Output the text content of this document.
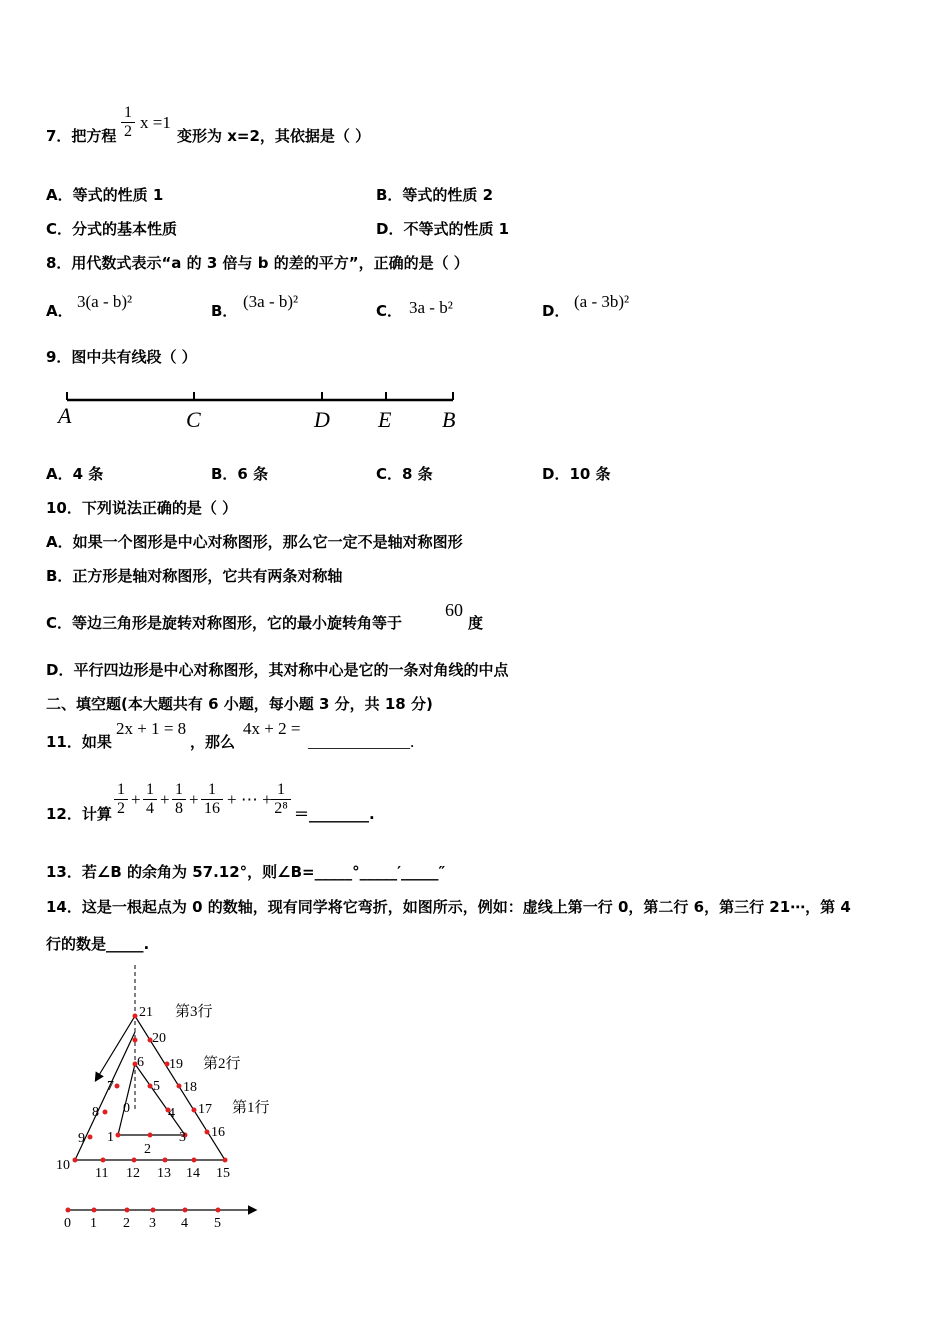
7．把方程 $\frac{1}{2}$ x =1
变形为 x=2，其依据是（ ）
A．等式的性质 1	B．等式的性质 2
C．分式的基本性质	D．不等式的性质 1
8．用代数式表示“a 的 3 倍与 b 的差的平方”，正确的是（ ）
A． 3(a - b)²	B． (3a - b)²	C． 3a - b²	D． (a - 3b)²
9．图中共有线段（ ）
A	C	D E B
A．4 条	B．6 条	C．8 条	D．10 条
10．下列说法正确的是（ ）
A．如果一个图形是中心对称图形，那么它一定不是轴对称图形
B．正方形是轴对称图形，它共有两条对称轴
C．等边三角形是旋转对称图形，它的最小旋转角等于
60
度
D．平行四边形是中心对称图形，其对称中心是它的一条对角线的中点
二、填空题(本大题共有 6 小题，每小题 3 分，共 18 分)
11．如果
2x + 1 = 8
，那么
4x + 2 =
____________.
12．计算 $\frac{1}{2} + \frac{1}{4} + \frac{1}{8} + \frac{1}{16}$ + ⋯ + $\frac{1}{\text{2⁸}}$ ＝________.
13．若∠B 的余角为 57.12°，则∠B=_____°_____′_____″
14．这是一根起点为 0 的数轴，现有同学将它弯折，如图所示，例如：虚线上第一行 0，第二行 6，第三行 21⋯，第 4
行的数是_____.
0
1
2
3
4
5
6
7
8
9
10
11 12 13 14 15
16
17
18
19
20
21 第3行
第2行
第1行
0 1 2 3 4 5
